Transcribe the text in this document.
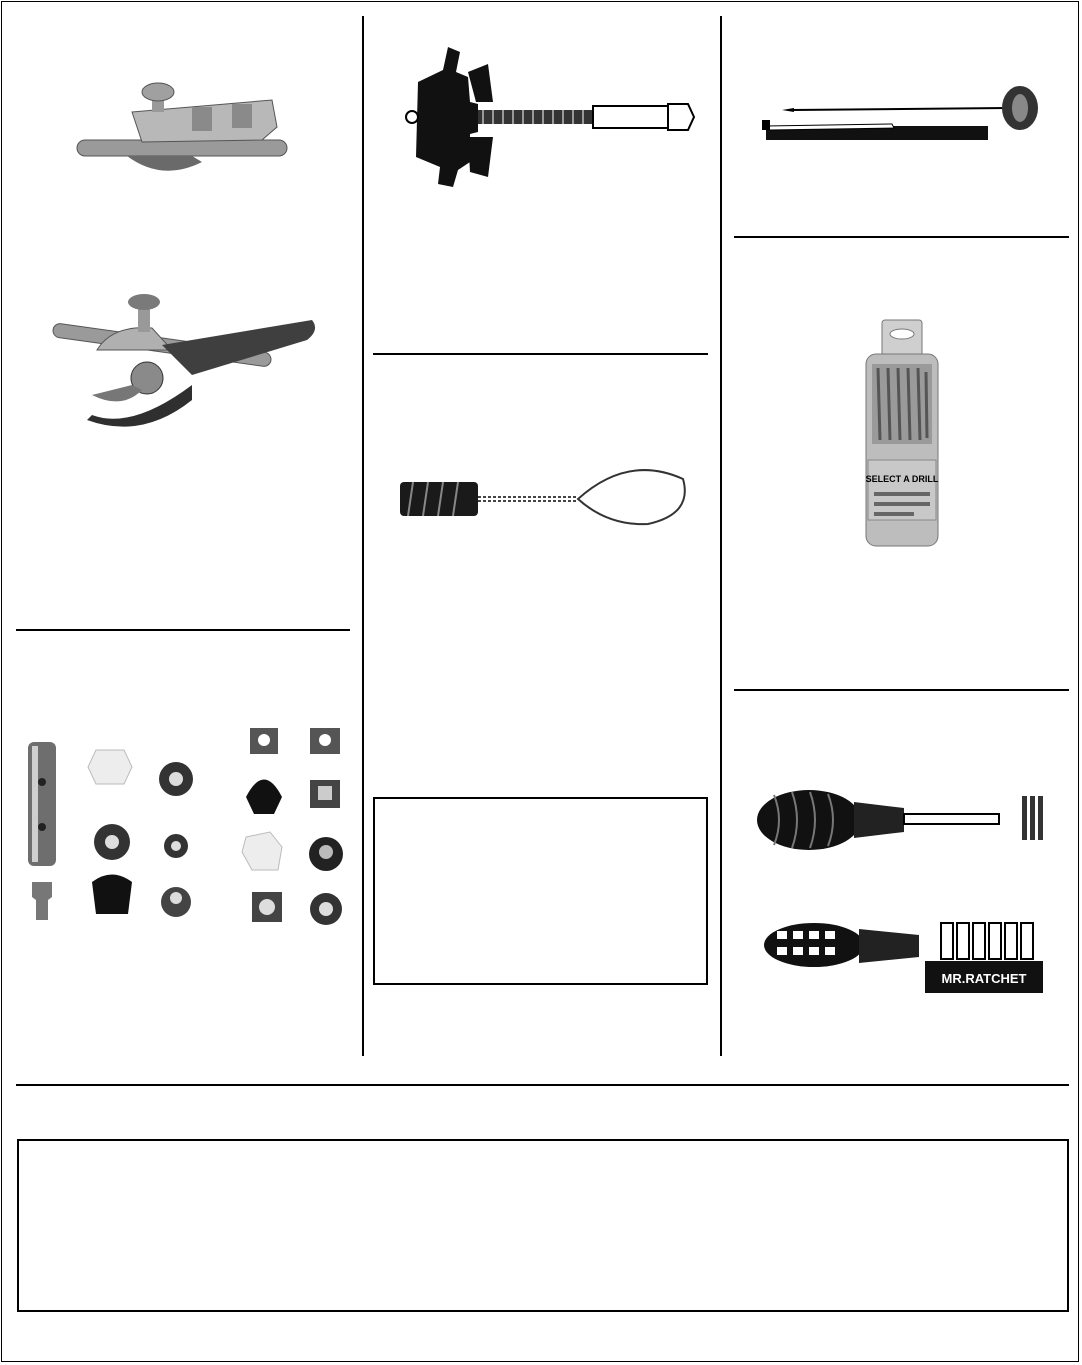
SELECT A DRILL
MR.RATCHET
